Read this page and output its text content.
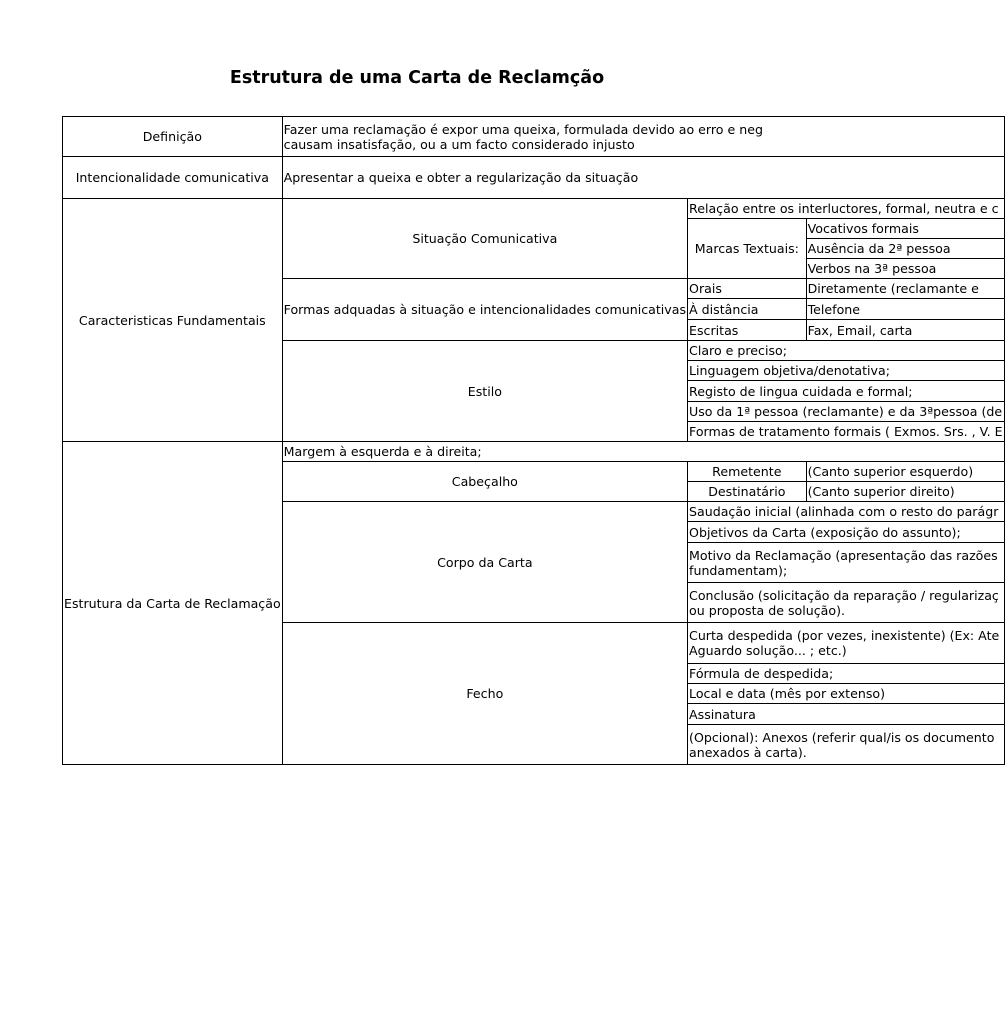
Estrutura de uma Carta de Reclamção
Definição	Fazer uma reclamação é expor uma queixa, formulada devido ao erro e neg
causam insatisfação, ou a um facto considerado injusto		

Intencionalidade comunicativa	Apresentar a queixa e obter a regularização da situação		
Caracteristicas Fundamentais	Situação Comunicativa	Relação entre os interluctores, formal, neutra e c	
		Marcas Textuais:	Vocativos formais
			Ausência da 2ª pessoa
			Verbos na 3ª pessoa
	Formas adquadas à situação e intencionalidades comunicativas	Orais	Diretamente (reclamante e
		À distância	Telefone
		Escritas	Fax, Email, carta
	Estilo	Claro e preciso;	
		Linguagem objetiva/denotativa;	
		Registo de lingua cuidada e formal;	
		Uso da 1ª pessoa (reclamante) e da 3ªpessoa (de	
		Formas de tratamento formais ( Exmos. Srs. , V. E	
Estrutura da Carta de Reclamação	Margem à esquerda e à direita;		
	Cabeçalho	Remetente	(Canto superior esquerdo)
		Destinatário	(Canto superior direito)
	Corpo da Carta	Saudação inicial (alinhada com o resto do parágr	
		Objetivos da Carta (exposição do assunto);	

		Motivo da Reclamação (apresentação das razões
fundamentam);	

		Conclusão (solicitação da reparação / regularizaç
ou proposta de solução).	

	Fecho	Curta despedida (por vezes, inexistente) (Ex: Ate
Aguardo solução... ; etc.)	

		Fórmula de despedida;	
		Local e data (mês por extenso)	
		Assinatura	

		(Opcional): Anexos (referir qual/is os documento
anexados à carta).	
